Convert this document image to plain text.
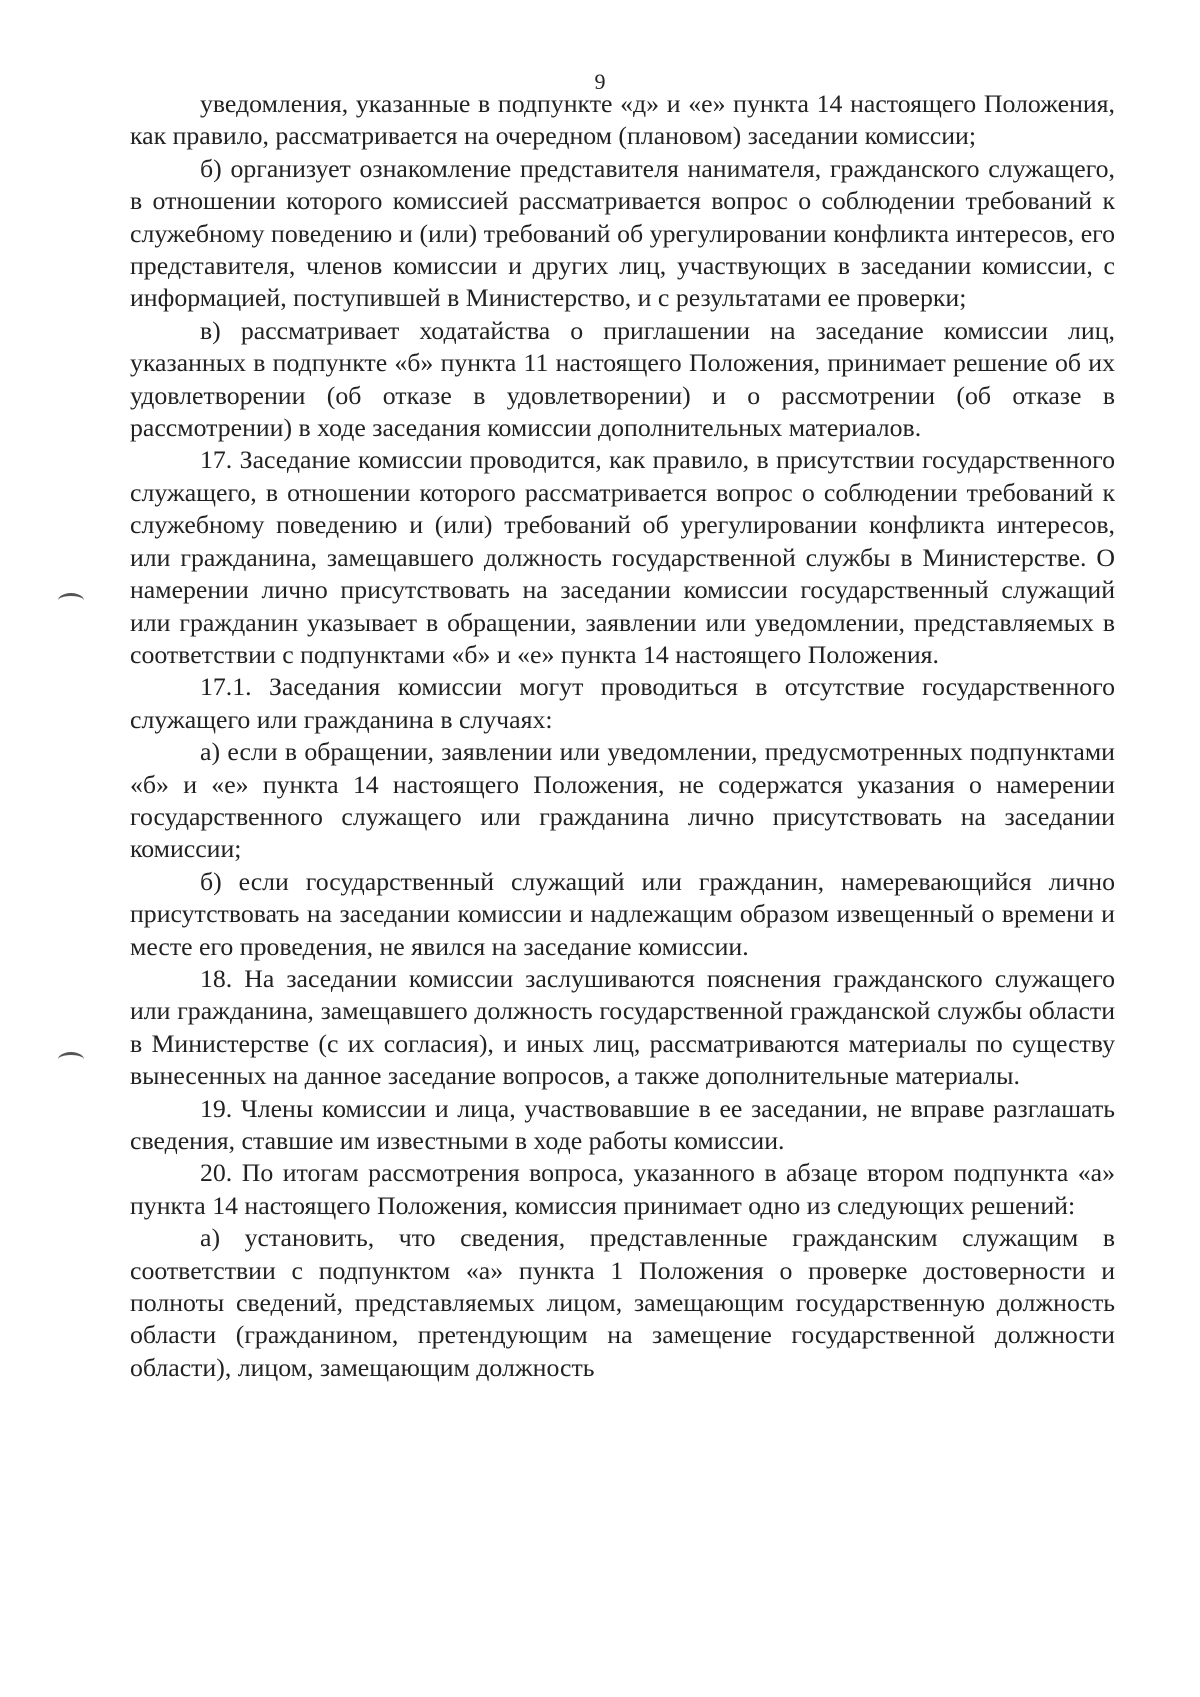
9

уведомления, указанные в подпункте «д» и «е» пункта 14 настоящего Положения, как правило, рассматривается на очередном (плановом) заседании комиссии;

б) организует ознакомление представителя нанимателя, гражданского служащего, в отношении которого комиссией рассматривается вопрос о соблюдении требований к служебному поведению и (или) требований об урегулировании конфликта интересов, его представителя, членов комиссии и других лиц, участвующих в заседании комиссии, с информацией, поступившей в Министерство, и с результатами ее проверки;

в) рассматривает ходатайства о приглашении на заседание комиссии лиц, указанных в подпункте «б» пункта 11 настоящего Положения, принимает решение об их удовлетворении (об отказе в удовлетворении) и о рассмотрении (об отказе в рассмотрении) в ходе заседания комиссии дополнительных материалов.

17. Заседание комиссии проводится, как правило, в присутствии государственного служащего, в отношении которого рассматривается вопрос о соблюдении требований к служебному поведению и (или) требований об урегулировании конфликта интересов, или гражданина, замещавшего должность государственной службы в Министерстве. О намерении лично присутствовать на заседании комиссии государственный служащий или гражданин указывает в обращении, заявлении или уведомлении, представляемых в соответствии с подпунктами «б» и «е» пункта 14 настоящего Положения.

17.1. Заседания комиссии могут проводиться в отсутствие государственного служащего или гражданина в случаях:

а) если в обращении, заявлении или уведомлении, предусмотренных подпунктами «б» и «е» пункта 14 настоящего Положения, не содержатся указания о намерении государственного служащего или гражданина лично присутствовать на заседании комиссии;

б) если государственный служащий или гражданин, намеревающийся лично присутствовать на заседании комиссии и надлежащим образом извещенный о времени и месте его проведения, не явился на заседание комиссии.

18. На заседании комиссии заслушиваются пояснения гражданского служащего или гражданина, замещавшего должность государственной гражданской службы области в Министерстве (с их согласия), и иных лиц, рассматриваются материалы по существу вынесенных на данное заседание вопросов, а также дополнительные материалы.

19. Члены комиссии и лица, участвовавшие в ее заседании, не вправе разглашать сведения, ставшие им известными в ходе работы комиссии.

20. По итогам рассмотрения вопроса, указанного в абзаце втором подпункта «а» пункта 14 настоящего Положения, комиссия принимает одно из следующих решений:

а) установить, что сведения, представленные гражданским служащим в соответствии с подпунктом «а» пункта 1 Положения о проверке достоверности и полноты сведений, представляемых лицом, замещающим государственную должность области (гражданином, претендующим на замещение государственной должности области), лицом, замещающим должность
